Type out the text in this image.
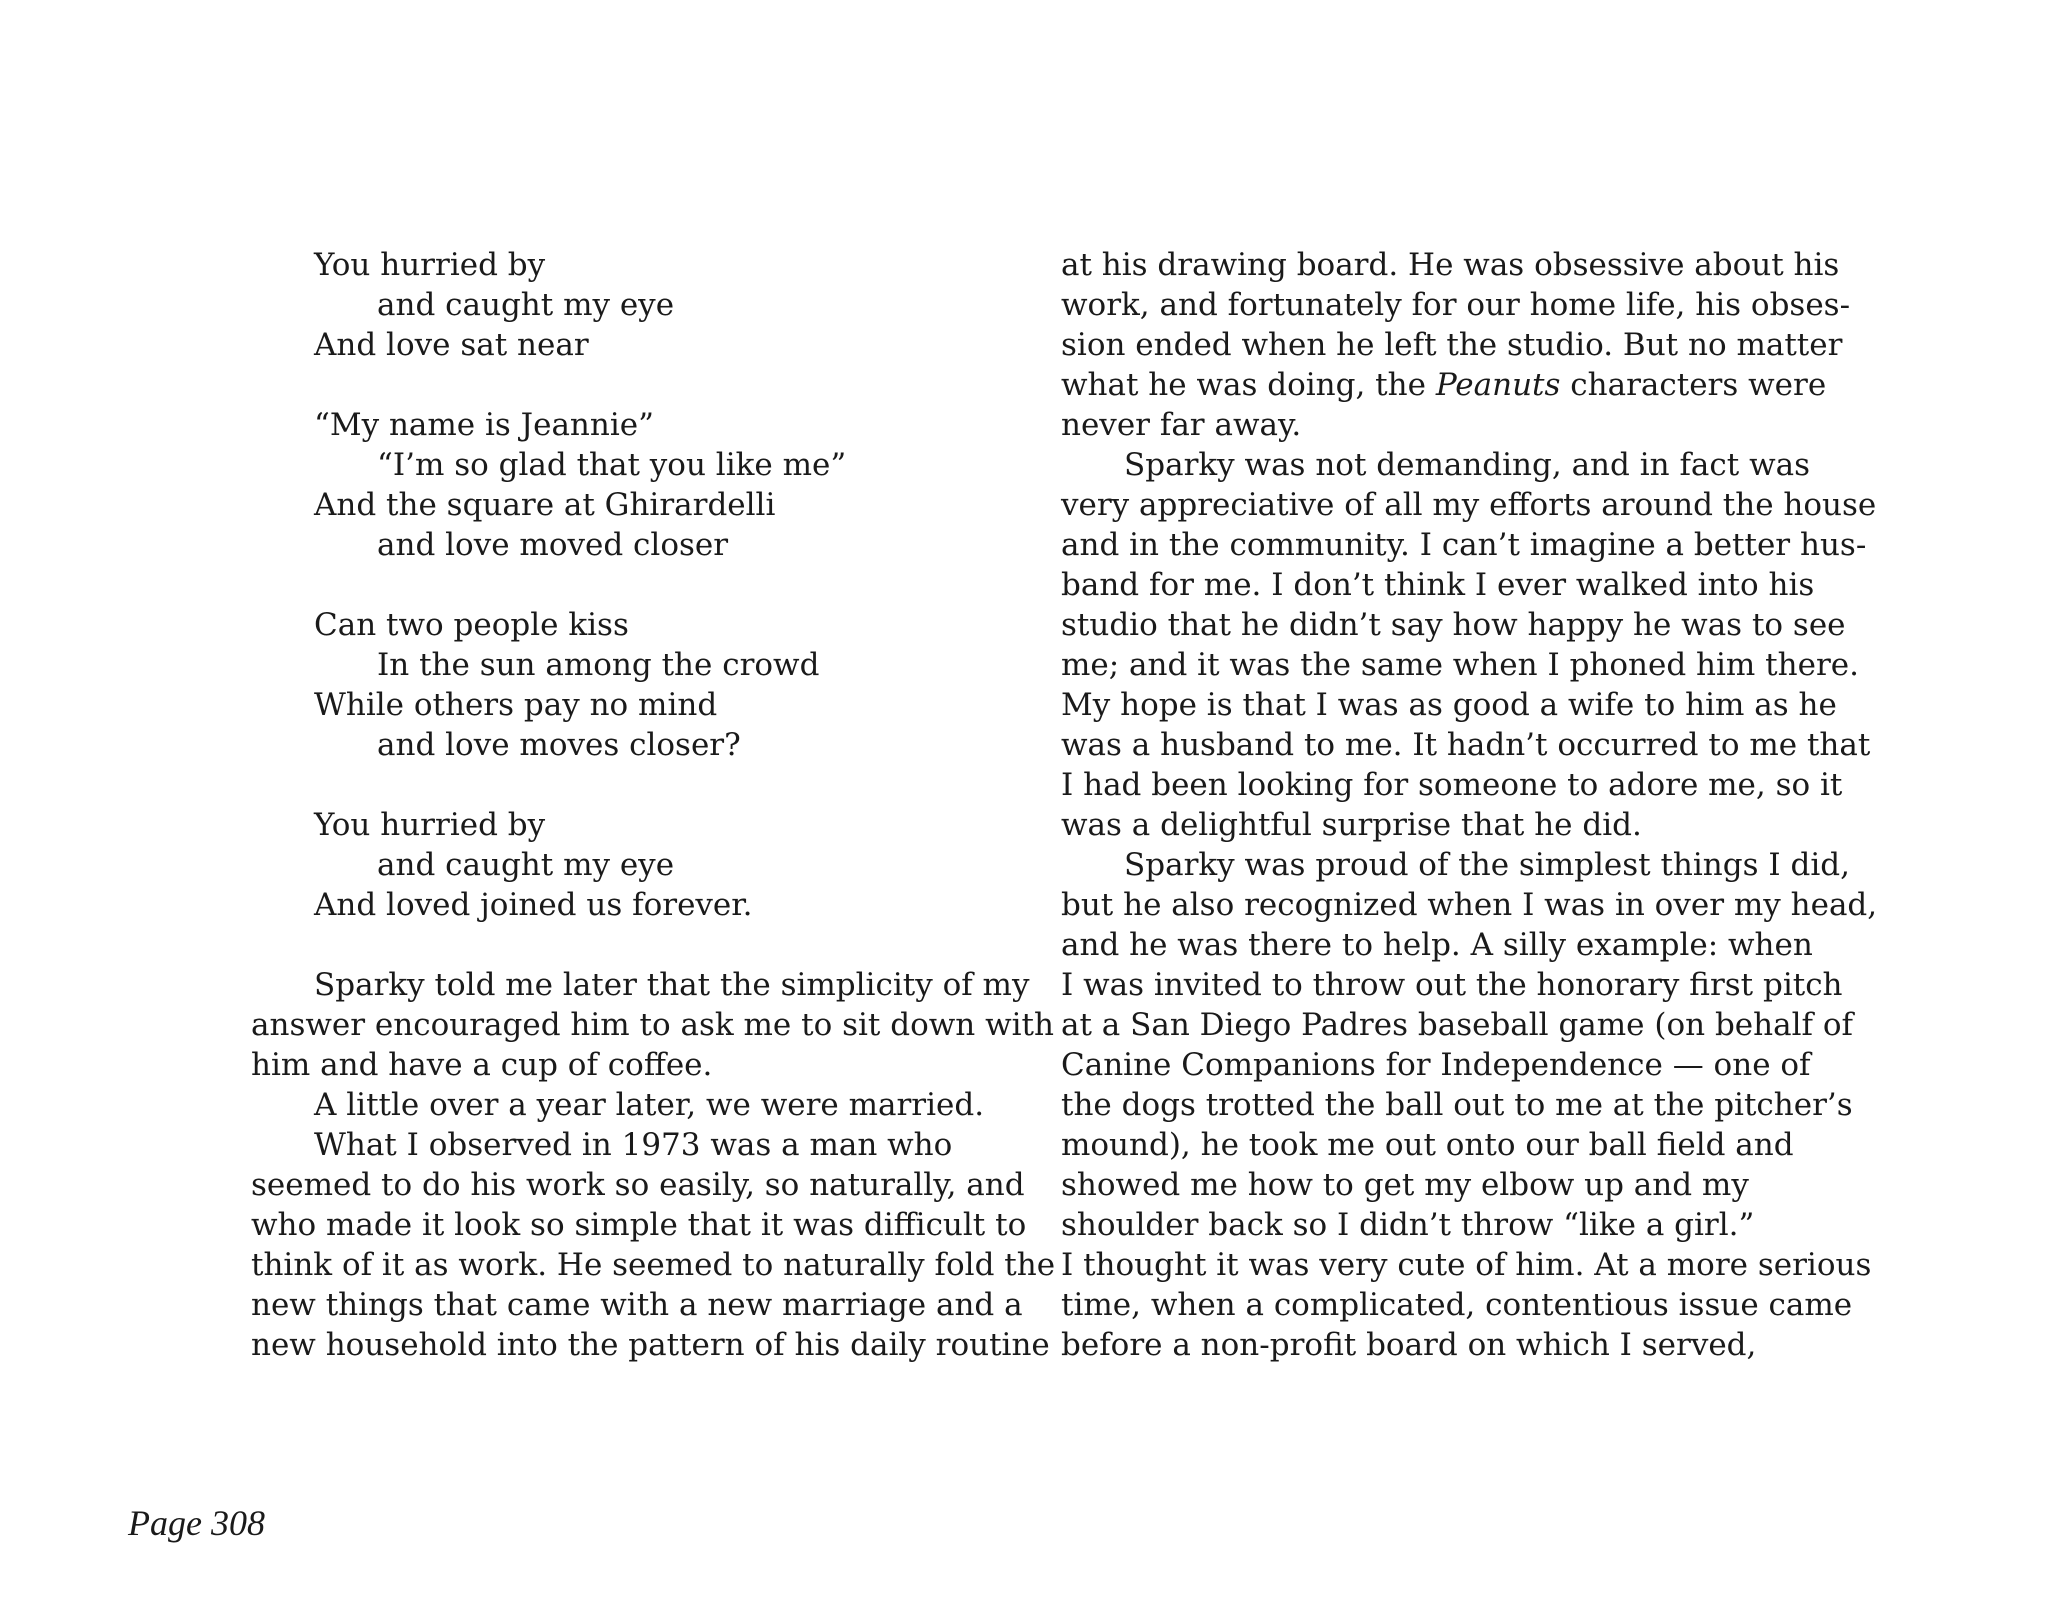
You hurried by
and caught my eye
And love sat near
“My name is Jeannie”
“I’m so glad that you like me”
And the square at Ghirardelli
and love moved closer
Can two people kiss
In the sun among the crowd
While others pay no mind
and love moves closer?
You hurried by
and caught my eye
And loved joined us forever.
Sparky told me later that the simplicity of my
answer encouraged him to ask me to sit down with
him and have a cup of coffee.
A little over a year later, we were married.
What I observed in 1973 was a man who
seemed to do his work so easily, so naturally, and
who made it look so simple that it was difficult to
think of it as work. He seemed to naturally fold the
new things that came with a new marriage and a
new household into the pattern of his daily routine
at his drawing board. He was obsessive about his
work, and fortunately for our home life, his obses-
sion ended when he left the studio. But no matter
what he was doing, the Peanuts characters were
never far away.
Sparky was not demanding, and in fact was
very appreciative of all my efforts around the house
and in the community. I can’t imagine a better hus-
band for me. I don’t think I ever walked into his
studio that he didn’t say how happy he was to see
me; and it was the same when I phoned him there.
My hope is that I was as good a wife to him as he
was a husband to me. It hadn’t occurred to me that
I had been looking for someone to adore me, so it
was a delightful surprise that he did.
Sparky was proud of the simplest things I did,
but he also recognized when I was in over my head,
and he was there to help. A silly example: when
I was invited to throw out the honorary first pitch
at a San Diego Padres baseball game (on behalf of
Canine Companions for Independence — one of
the dogs trotted the ball out to me at the pitcher’s
mound), he took me out onto our ball field and
showed me how to get my elbow up and my
shoulder back so I didn’t throw “like a girl.”
I thought it was very cute of him. At a more serious
time, when a complicated, contentious issue came
before a non-profit board on which I served,
Page 308
